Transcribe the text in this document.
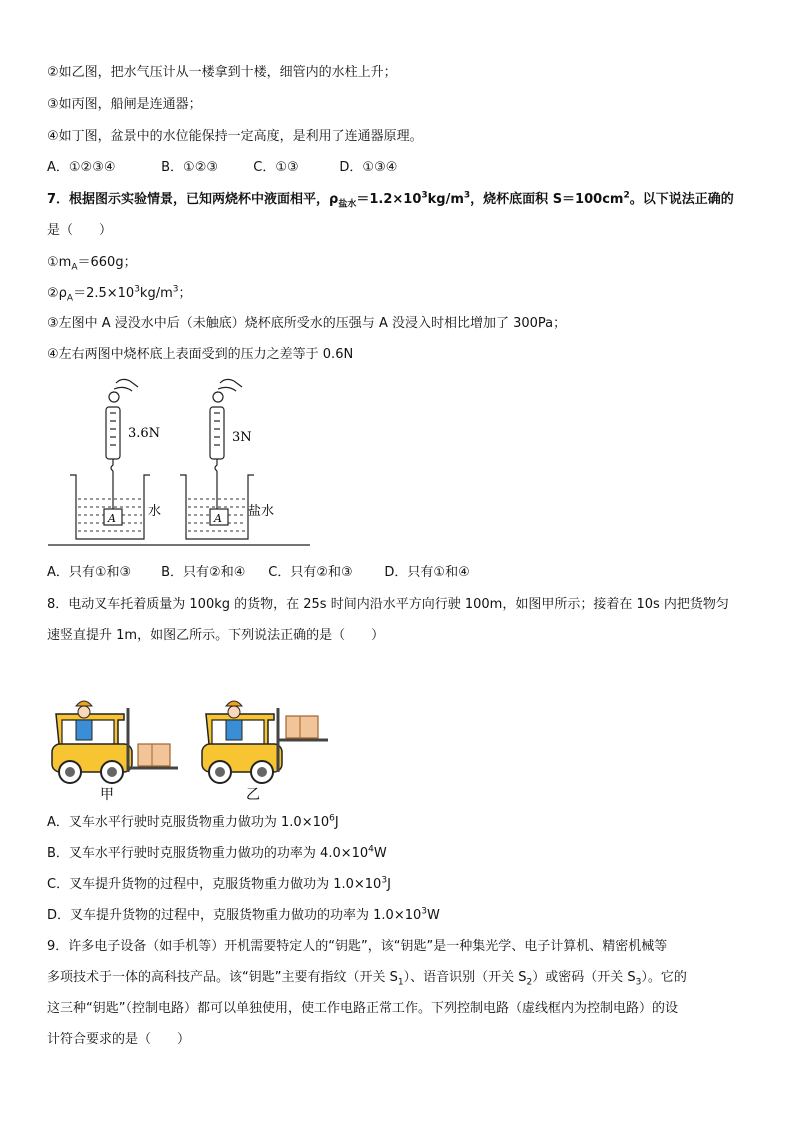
②如乙图，把水气压计从一楼拿到十楼，细管内的水柱上升；
③如丙图，船闸是连通器；
④如丁图，盆景中的水位能保持一定高度，是利用了连通器原理。
A．①②③④	B．①②③	C．①③	D．①③④
7．根据图示实验情景，已知两烧杯中液面相平，$\rho_{盐水}=1.2\times 10^3kg/m^3$，烧杯底面积 $S=100cm^2$。以下说法正确的
是（　　）
$①m_A=660g$；
$②\rho_A=2.5\times 10^3kg/m^3$；
③左图中 A 浸没水中后（未触底）烧杯底所受水的压强与 A 没浸入时相比增加了 300Pa；
④左右两图中烧杯底上表面受到的压力之差等于 0.6N
3.6N	3N
A	A
水	盐水
A．只有①和③ B．只有②和④ C．只有②和③ D．只有①和④
8．电动叉车托着质量为 100kg 的货物，在 25s 时间内沿水平方向行驶 100m，如图甲所示；接着在 10s 内把货物匀
速竖直提升 1m，如图乙所示。下列说法正确的是（　　）
甲	乙
A．叉车水平行驶时克服货物重力做功为 $1.0\times 10^6J$
B．叉车水平行驶时克服货物重力做功的功率为 $4.0\times 10^4W$
C．叉车提升货物的过程中，克服货物重力做功为 $1.0\times 10^3J$
D．叉车提升货物的过程中，克服货物重力做功的功率为 $1.0\times 10^3W$
9．许多电子设备（如手机等）开机需要特定人的“钥匙”，该“钥匙”是一种集光学、电子计算机、精密机械等
多项技术于一体的高科技产品。该“钥匙”主要有指纹（开关 $S_1$）、语音识别（开关 $S_2$）或密码（开关 $S_3$）。它的
这三种“钥匙”（控制电路）都可以单独使用，使工作电路正常工作。下列控制电路（虚线框内为控制电路）的设
计符合要求的是（　　）
